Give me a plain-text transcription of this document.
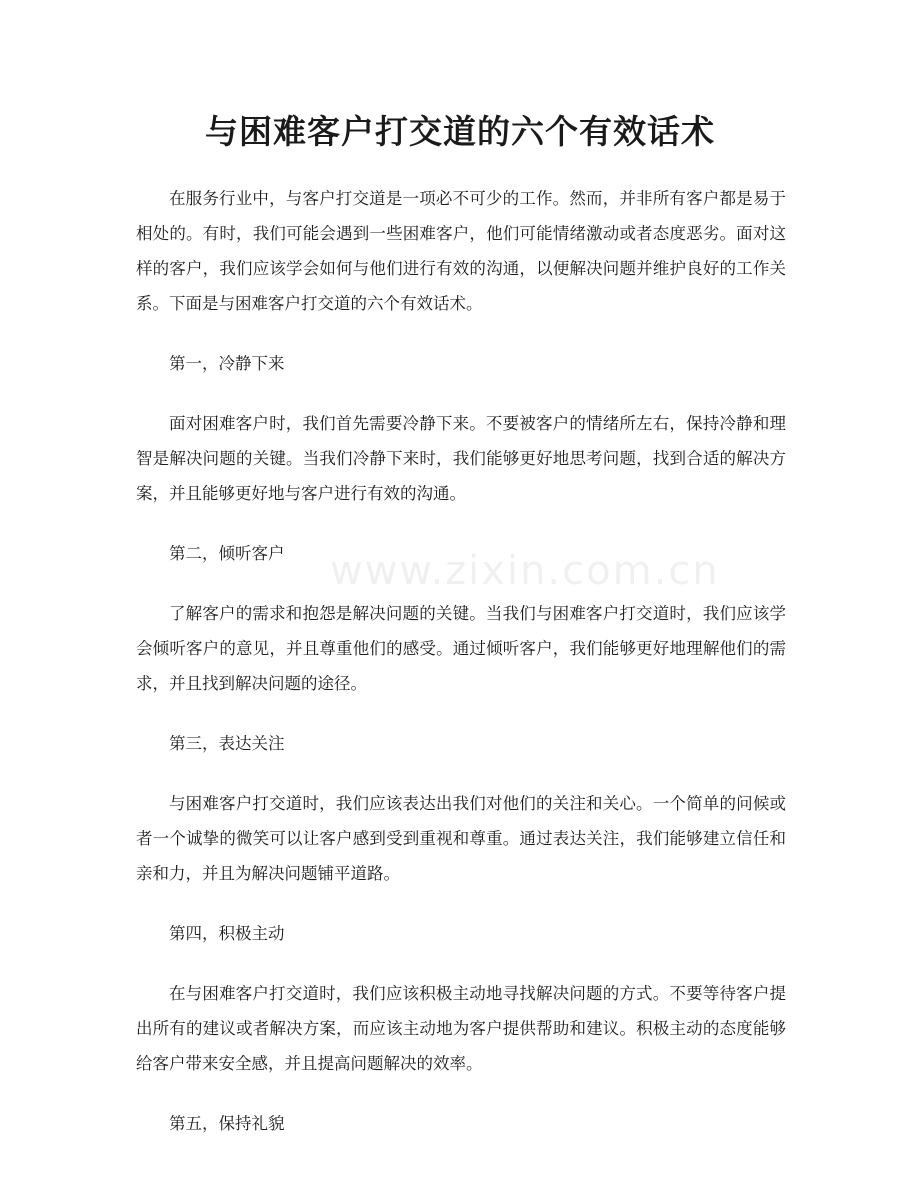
与困难客户打交道的六个有效话术

在服务行业中，与客户打交道是一项必不可少的工作。然而，并非所有客户都是易于相处的。有时，我们可能会遇到一些困难客户，他们可能情绪激动或者态度恶劣。面对这样的客户，我们应该学会如何与他们进行有效的沟通，以便解决问题并维护良好的工作关系。下面是与困难客户打交道的六个有效话术。

第一，冷静下来

面对困难客户时，我们首先需要冷静下来。不要被客户的情绪所左右，保持冷静和理智是解决问题的关键。当我们冷静下来时，我们能够更好地思考问题，找到合适的解决方案，并且能够更好地与客户进行有效的沟通。

第二，倾听客户

了解客户的需求和抱怨是解决问题的关键。当我们与困难客户打交道时，我们应该学会倾听客户的意见，并且尊重他们的感受。通过倾听客户，我们能够更好地理解他们的需求，并且找到解决问题的途径。

第三，表达关注

与困难客户打交道时，我们应该表达出我们对他们的关注和关心。一个简单的问候或者一个诚挚的微笑可以让客户感到受到重视和尊重。通过表达关注，我们能够建立信任和亲和力，并且为解决问题铺平道路。

第四，积极主动

在与困难客户打交道时，我们应该积极主动地寻找解决问题的方式。不要等待客户提出所有的建议或者解决方案，而应该主动地为客户提供帮助和建议。积极主动的态度能够给客户带来安全感，并且提高问题解决的效率。

第五，保持礼貌

www.zixin.com.cn
